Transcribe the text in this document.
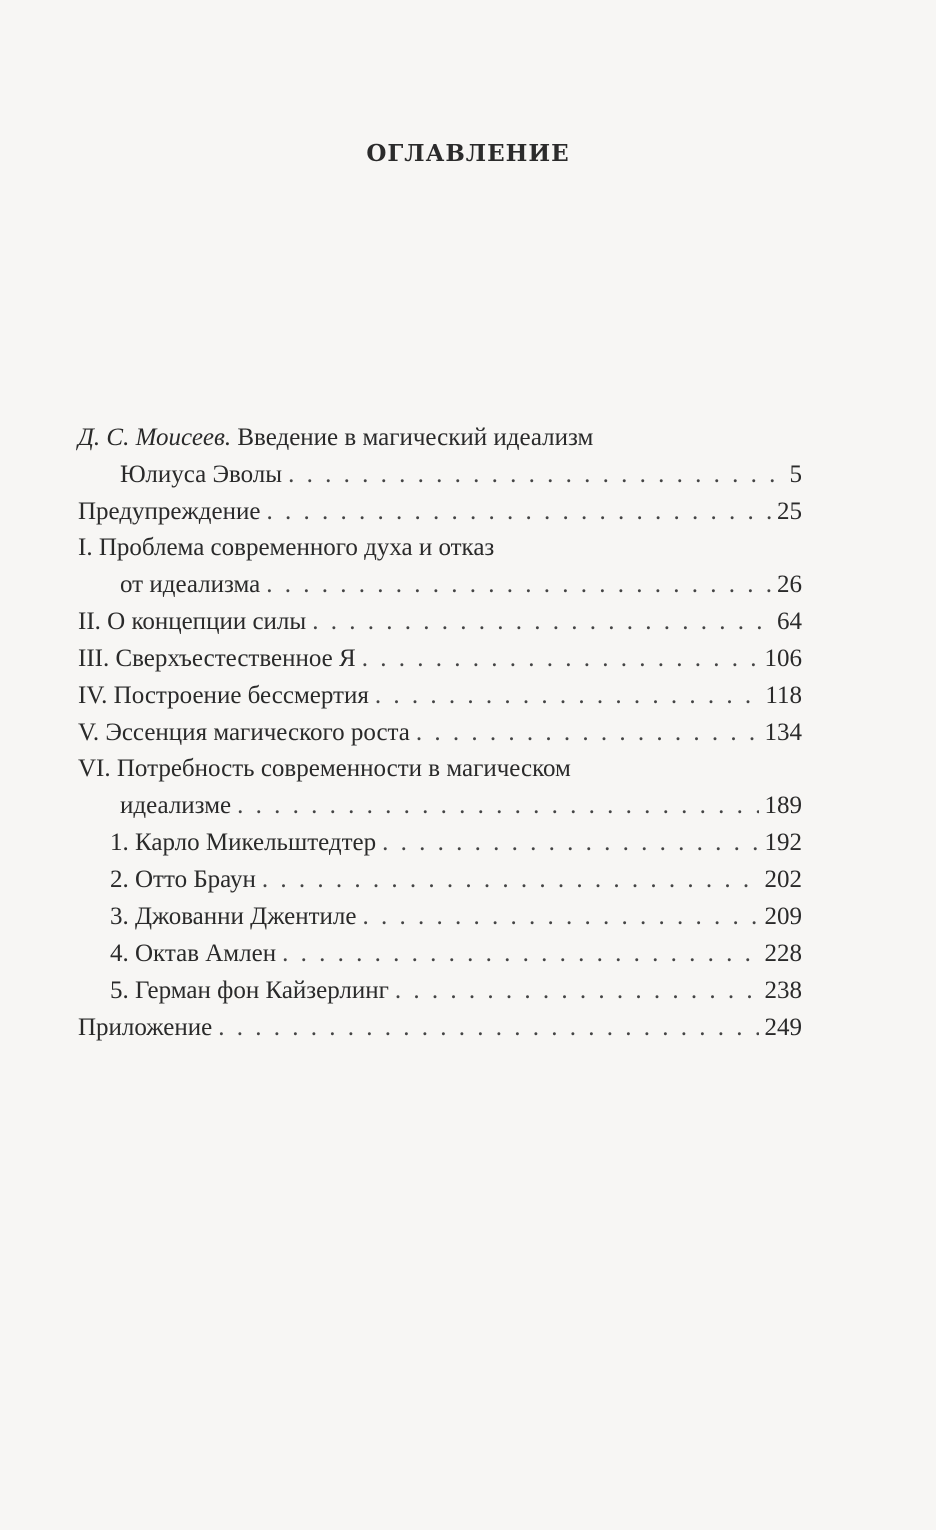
ОГЛАВЛЕНИЕ
Д. С. Моисеев. Введение в магический идеализм
Юлиуса Эволы . . .	5
Предупреждение . . .	25
I. Проблема современного духа и отказ
от идеализма . . .	26
II. О концепции силы . . .	64
III. Сверхъестественное Я . . .	106
IV. Построение бессмертия . . .	118
V. Эссенция магического роста . . .	134
VI. Потребность современности в магическом
идеализме . . .	189
1. Карло Микельштедтер . . .	192
2. Отто Браун . . .	202
3. Джованни Джентиле . . .	209
4. Октав Амлен . . .	228
5. Герман фон Кайзерлинг . . .	238
Приложение . . .	249
